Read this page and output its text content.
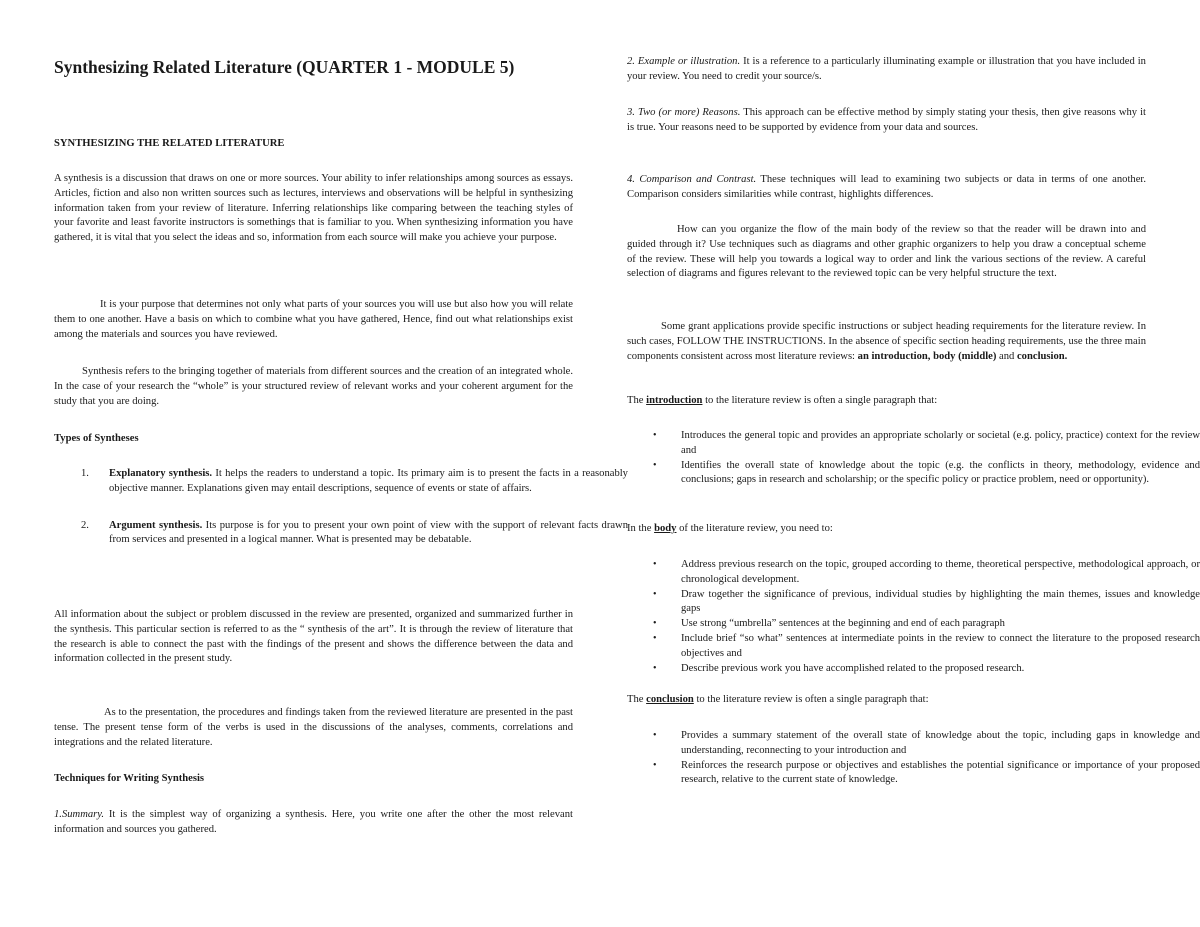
Synthesizing Related Literature (QUARTER 1 - MODULE 5)

SYNTHESIZING THE RELATED LITERATURE

A synthesis is a discussion that draws on one or more sources. Your ability to infer relationships among sources as essays. Articles, fiction and also non written sources such as lectures, interviews and observations will be helpful in synthesizing information taken from your review of literature. Inferring relationships like comparing between the teaching styles of your favorite and least favorite instructors is somethings that is familiar to you. When synthesizing information you have gathered, it is vital that you select the ideas and so, information from each source will make you achieve your purpose.

It is your purpose that determines not only what parts of your sources you will use but also how you will relate them to one another. Have a basis on which to combine what you have gathered, Hence, find out what relationships exist among the materials and sources you have reviewed.

Synthesis refers to the bringing together of materials from different sources and the creation of an integrated whole. In the case of your research the “whole” is your structured review of relevant works and your coherent argument for the study that you are doing.

Types of Syntheses

1. Explanatory synthesis. It helps the readers to understand a topic. Its primary aim is to present the facts in a reasonably objective manner. Explanations given may entail descriptions, sequence of events or state of affairs.
2. Argument synthesis. Its purpose is for you to present your own point of view with the support of relevant facts drawn from services and presented in a logical manner. What is presented may be debatable.

All information about the subject or problem discussed in the review are presented, organized and summarized further in the synthesis. This particular section is referred to as the “ synthesis of the art”. It is through the review of literature that the research is able to connect the past with the findings of the present and shows the difference between the data and information collected in the present study.

As to the presentation, the procedures and findings taken from the reviewed literature are presented in the past tense. The present tense form of the verbs is used in the discussions of the analyses, comments, correlations and integrations and the related literature.

Techniques for Writing Synthesis

1.Summary. It is the simplest way of organizing a synthesis. Here, you write one after the other the most relevant information and sources you gathered.

2. Example or illustration. It is a reference to a particularly illuminating example or illustration that you have included in your review. You need to credit your source/s.

3. Two (or more) Reasons. This approach can be effective method by simply stating your thesis, then give reasons why it is true. Your reasons need to be supported by evidence from your data and sources.

4. Comparison and Contrast. These techniques will lead to examining two subjects or data in terms of one another. Comparison considers similarities while contrast, highlights differences.

How can you organize the flow of the main body of the review so that the reader will be drawn into and guided through it? Use techniques such as diagrams and other graphic organizers to help you draw a conceptual scheme of the review. These will help you towards a logical way to order and link the various sections of the review. A careful selection of diagrams and figures relevant to the reviewed topic can be very helpful structure the text.

Some grant applications provide specific instructions or subject heading requirements for the literature review. In such cases, FOLLOW THE INSTRUCTIONS. In the absence of specific section heading requirements, use the three main components consistent across most literature reviews: an introduction, body (middle) and conclusion.

The introduction to the literature review is often a single paragraph that:

• Introduces the general topic and provides an appropriate scholarly or societal (e.g. policy, practice) context for the review and
• Identifies the overall state of knowledge about the topic (e.g. the conflicts in theory, methodology, evidence and conclusions; gaps in research and scholarship; or the specific policy or practice problem, need or opportunity).

In the body of the literature review, you need to:

• Address previous research on the topic, grouped according to theme, theoretical perspective, methodological approach, or chronological development.
• Draw together the significance of previous, individual studies by highlighting the main themes, issues and knowledge gaps
• Use strong “umbrella” sentences at the beginning and end of each paragraph
• Include brief “so what” sentences at intermediate points in the review to connect the literature to the proposed research objectives and
• Describe previous work you have accomplished related to the proposed research.

The conclusion to the literature review is often a single paragraph that:

• Provides a summary statement of the overall state of knowledge about the topic, including gaps in knowledge and understanding, reconnecting to your introduction and
• Reinforces the research purpose or objectives and establishes the potential significance or importance of your proposed research, relative to the current state of knowledge.
